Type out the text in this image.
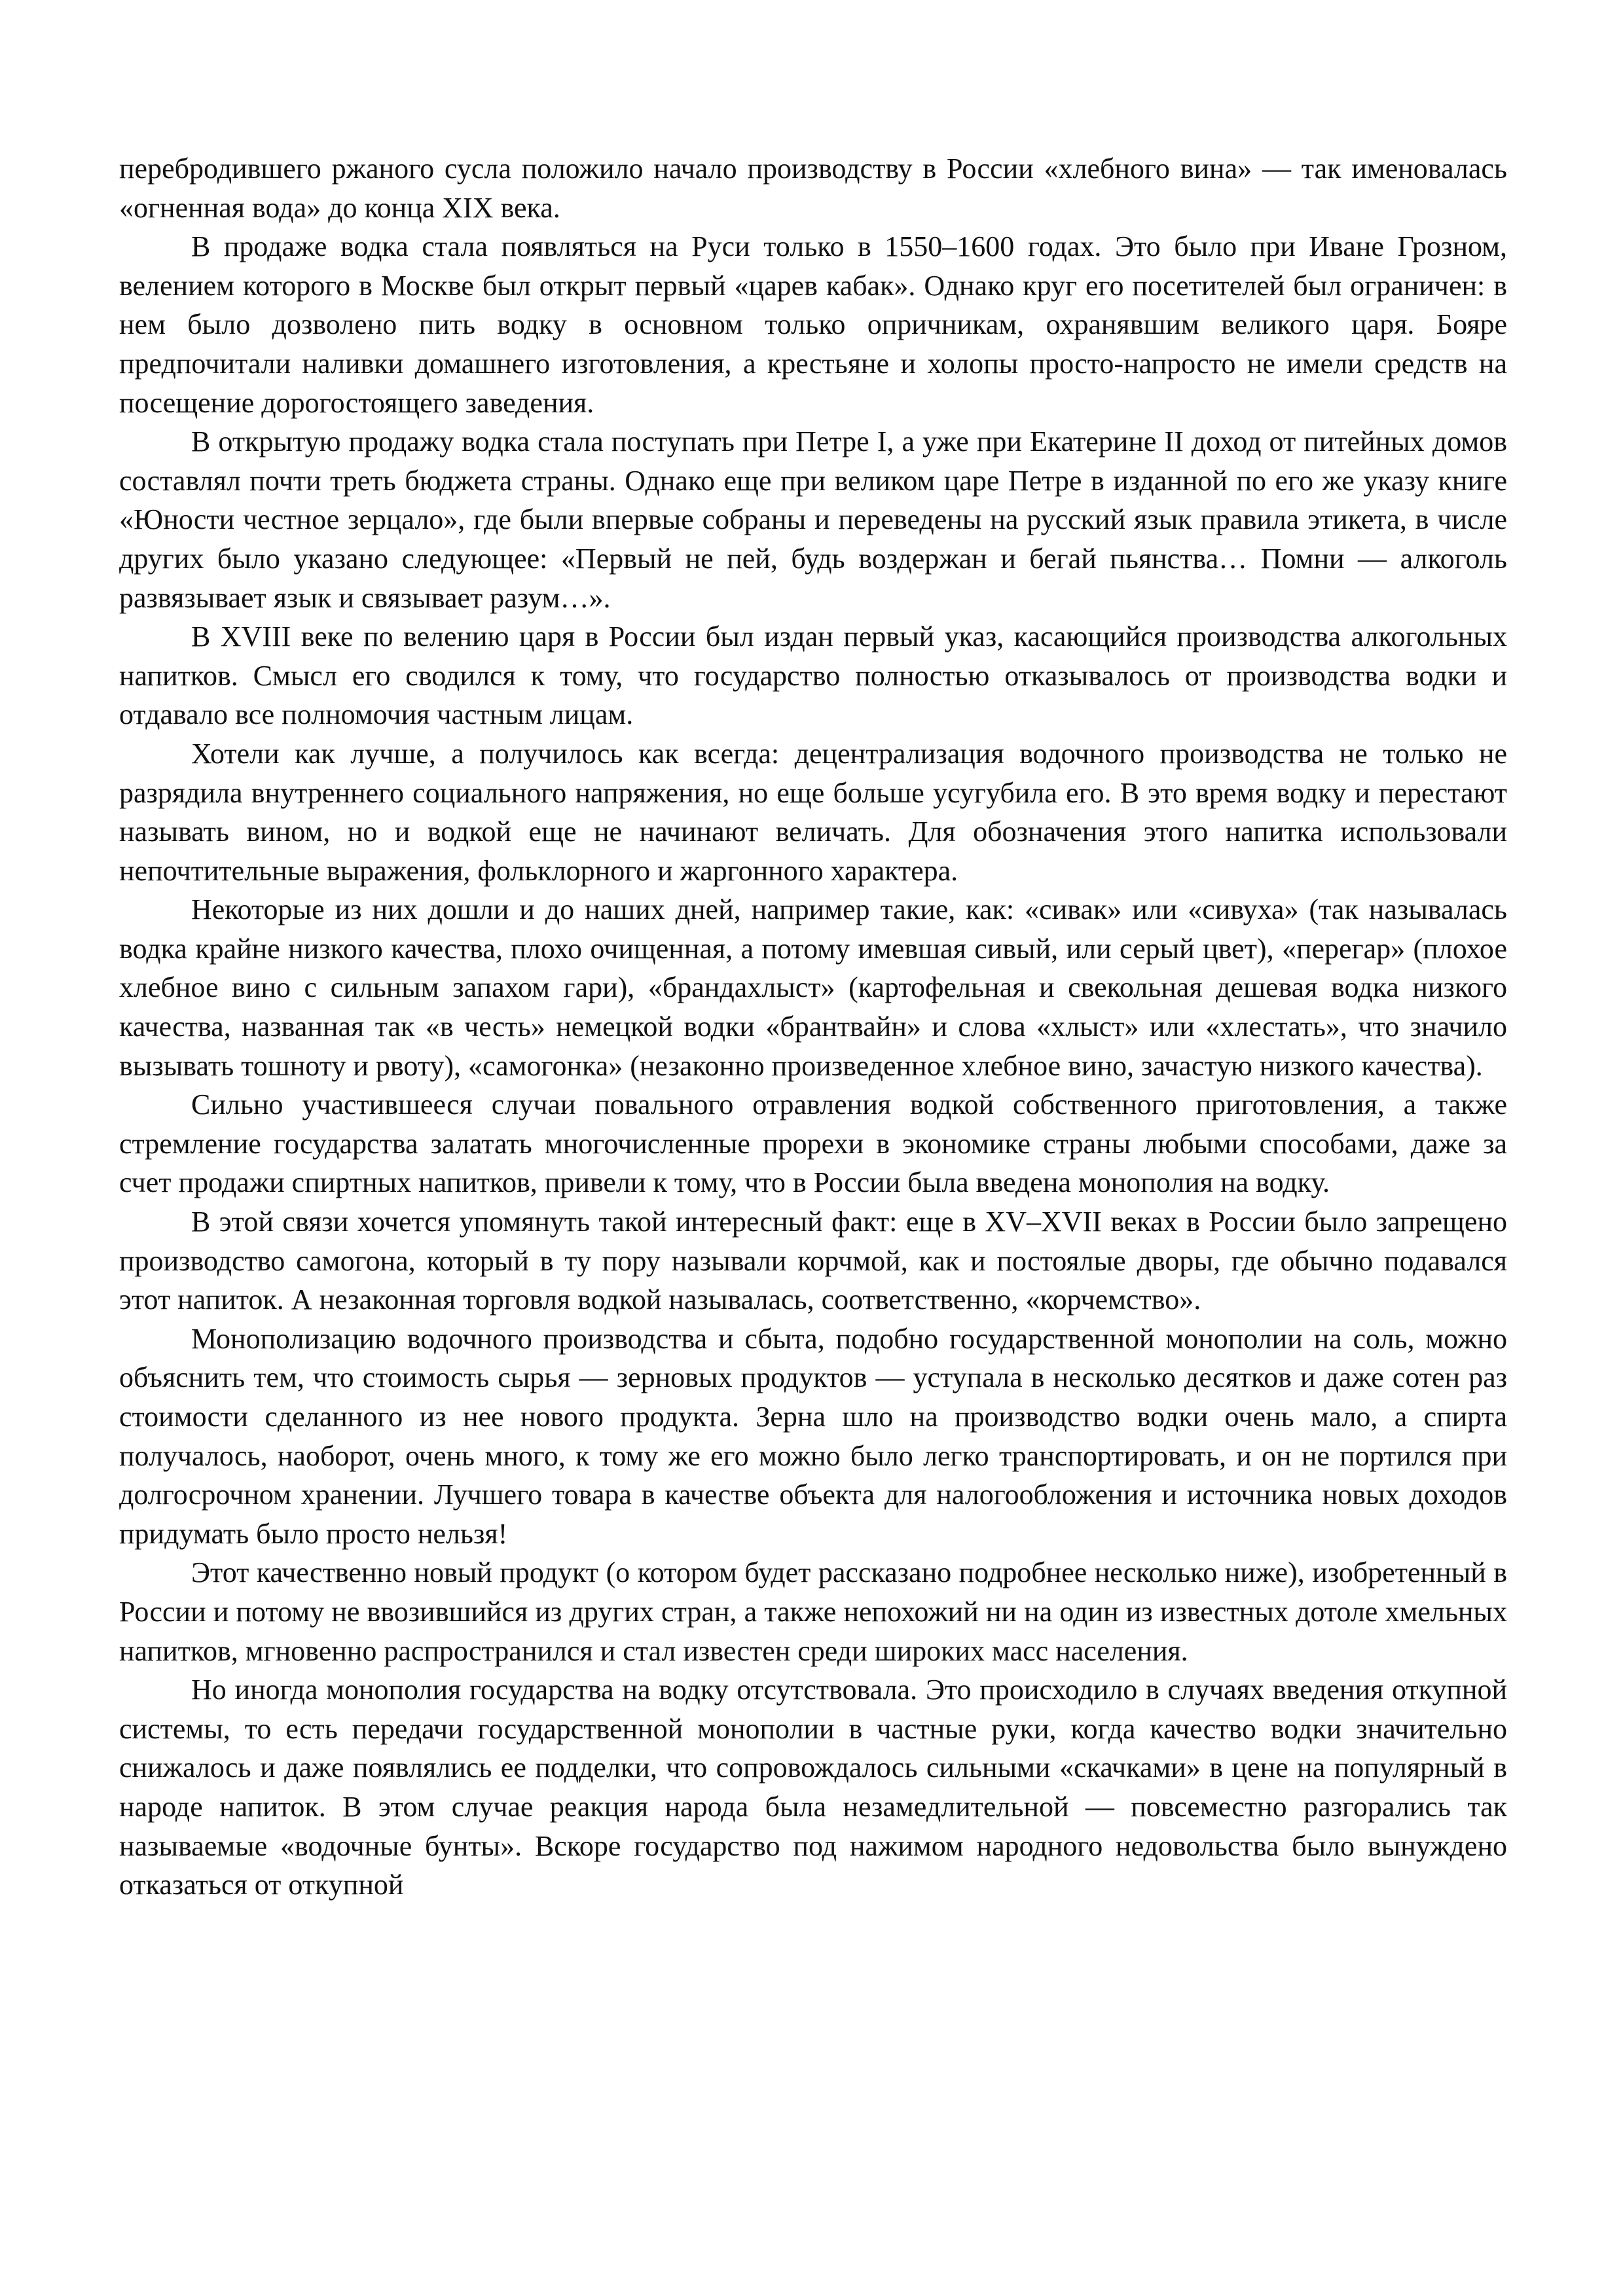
перебродившего ржаного сусла положило начало производству в России «хлебного вина» — так именовалась «огненная вода» до конца XIX века.

В продаже водка стала появляться на Руси только в 1550–1600 годах. Это было при Иване Грозном, велением которого в Москве был открыт первый «царев кабак». Однако круг его посетителей был ограничен: в нем было дозволено пить водку в основном только опричникам, охранявшим великого царя. Бояре предпочитали наливки домашнего изготовления, а крестьяне и холопы просто-напросто не имели средств на посещение дорогостоящего заведения.

В открытую продажу водка стала поступать при Петре I, а уже при Екатерине II доход от питейных домов составлял почти треть бюджета страны. Однако еще при великом царе Петре в изданной по его же указу книге «Юности честное зерцало», где были впервые собраны и переведены на русский язык правила этикета, в числе других было указано следующее: «Первый не пей, будь воздержан и бегай пьянства… Помни — алкоголь развязывает язык и связывает разум…».

В XVIII веке по велению царя в России был издан первый указ, касающийся производства алкогольных напитков. Смысл его сводился к тому, что государство полностью отказывалось от производства водки и отдавало все полномочия частным лицам.

Хотели как лучше, а получилось как всегда: децентрализация водочного производства не только не разрядила внутреннего социального напряжения, но еще больше усугубила его. В это время водку и перестают называть вином, но и водкой еще не начинают величать. Для обозначения этого напитка использовали непочтительные выражения, фольклорного и жаргонного характера.

Некоторые из них дошли и до наших дней, например такие, как: «сивак» или «сивуха» (так называлась водка крайне низкого качества, плохо очищенная, а потому имевшая сивый, или серый цвет), «перегар» (плохое хлебное вино с сильным запахом гари), «брандахлыст» (картофельная и свекольная дешевая водка низкого качества, названная так «в честь» немецкой водки «брантвайн» и слова «хлыст» или «хлестать», что значило вызывать тошноту и рвоту), «самогонка» (незаконно произведенное хлебное вино, зачастую низкого качества).

Сильно участившееся случаи повального отравления водкой собственного приготовления, а также стремление государства залатать многочисленные прорехи в экономике страны любыми способами, даже за счет продажи спиртных напитков, привели к тому, что в России была введена монополия на водку.

В этой связи хочется упомянуть такой интересный факт: еще в XV–XVII веках в России было запрещено производство самогона, который в ту пору называли корчмой, как и постоялые дворы, где обычно подавался этот напиток. А незаконная торговля водкой называлась, соответственно, «корчемство».

Монополизацию водочного производства и сбыта, подобно государственной монополии на соль, можно объяснить тем, что стоимость сырья — зерновых продуктов — уступала в несколько десятков и даже сотен раз стоимости сделанного из нее нового продукта. Зерна шло на производство водки очень мало, а спирта получалось, наоборот, очень много, к тому же его можно было легко транспортировать, и он не портился при долгосрочном хранении. Лучшего товара в качестве объекта для налогообложения и источника новых доходов придумать было просто нельзя!

Этот качественно новый продукт (о котором будет рассказано подробнее несколько ниже), изобретенный в России и потому не ввозившийся из других стран, а также непохожий ни на один из известных дотоле хмельных напитков, мгновенно распространился и стал известен среди широких масс населения.

Но иногда монополия государства на водку отсутствовала. Это происходило в случаях введения откупной системы, то есть передачи государственной монополии в частные руки, когда качество водки значительно снижалось и даже появлялись ее подделки, что сопровождалось сильными «скачками» в цене на популярный в народе напиток. В этом случае реакция народа была незамедлительной — повсеместно разгорались так называемые «водочные бунты». Вскоре государство под нажимом народного недовольства было вынуждено отказаться от откупной
